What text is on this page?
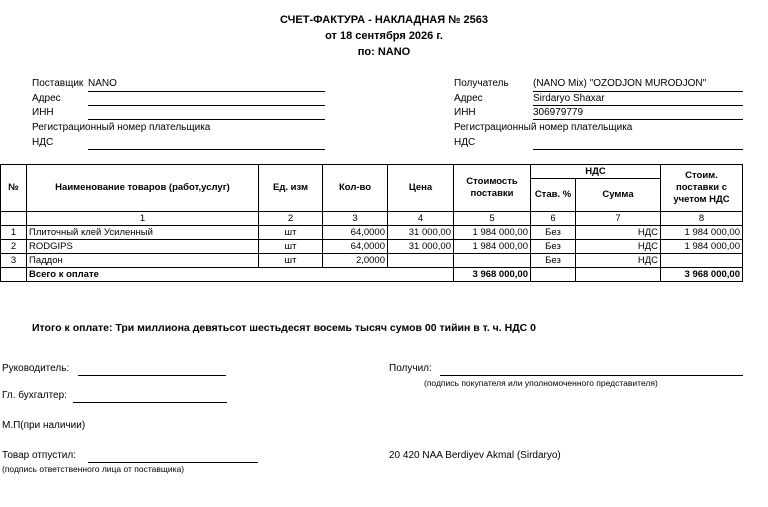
СЧЕТ-ФАКТУРА - НАКЛАДНАЯ № 2563
от 18 сентября 2026 г.
по: NANO
Поставщик NANO
Адрес
ИНН
Регистрационный номер плательщика
НДС
Получатель (NANO Mix) "OZODJON MURODJON"
Адрес	Sirdaryo Shaxar
ИНН	306979779
Регистрационный номер плательщика
НДС
№	Наименование товаров (работ,услуг)	Ед. изм	Кол-во	Цена	Стоимость поставки	НДС		Стоим. поставки с учетом НДС
						Став. %	Сумма	
	1	2	3	4	5	6	7	8
1	Плиточный клей Усиленный	шт	64,0000	31 000,00	1 984 000,00	Без	НДС	1 984 000,00
2	RODGIPS	шт	64,0000	31 000,00	1 984 000,00	Без	НДС	1 984 000,00
3	Паддон	шт	2,0000			Без	НДС	
	Всего к оплате				3 968 000,00			3 968 000,00
Итого к оплате: Три миллиона девятьсот шестьдесят восемь тысяч сумов 00 тийин в т. ч. НДС 0
Руководитель:	Получил:
(подпись покупателя или уполномоченного представителя)
Гл. бухгалтер:
М.П(при наличии)
Товар отпустил:
(подпись ответственного лица от поставщика)
20 420 NAA Berdiyev Akmal (Sirdaryo)
